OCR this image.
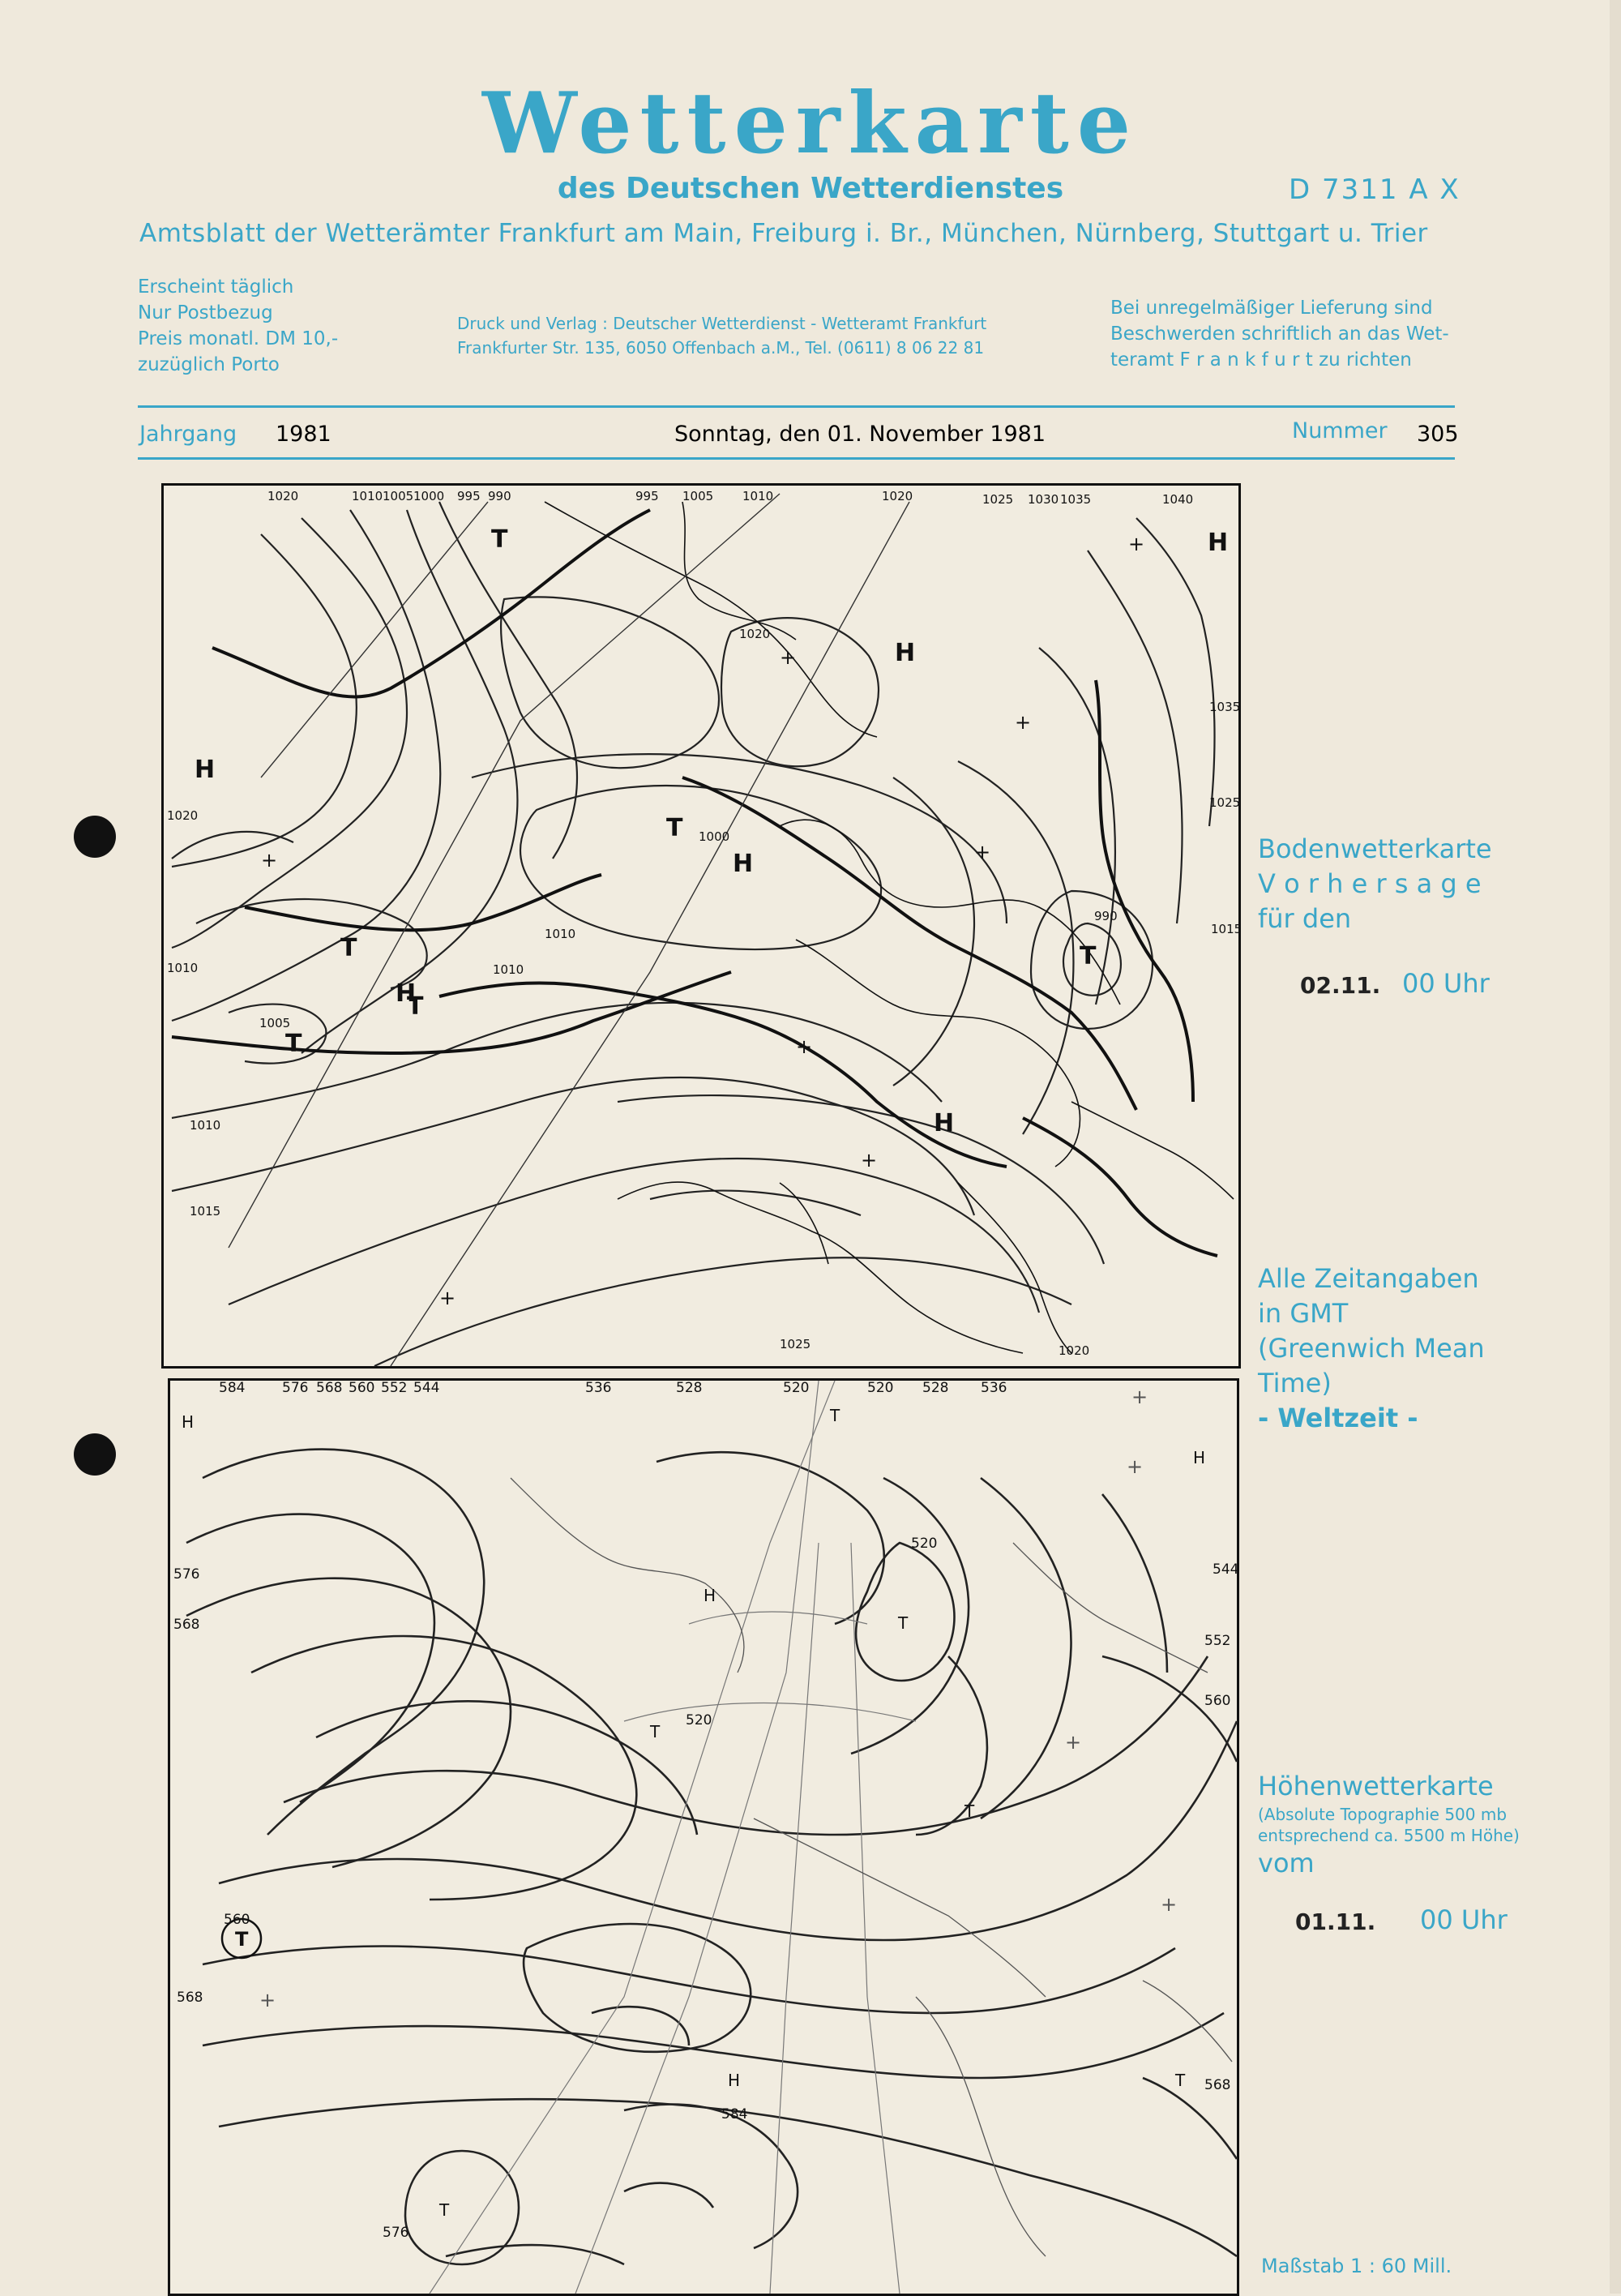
Wetterkarte
des Deutschen Wetterdienstes	D 7311 A X
Amtsblatt der Wetterämter Frankfurt am Main, Freiburg i. Br., München, Nürnberg, Stuttgart u. Trier
Erscheint täglich
Nur Postbezug
Preis monatl. DM 10,-
zuzüglich Porto
Druck und Verlag : Deutscher Wetterdienst - Wetteramt Frankfurt
Frankfurter Str. 135, 6050 Offenbach a.M., Tel. (0611) 8 06 22 81
Bei unregelmäßiger Lieferung sind
Beschwerden schriftlich an das Wet-
teramt F r a n k f u r t zu richten
Jahrgang 1981	Sonntag, den 01. November 1981	Nummer 305
H
H
H
H
H
H
T
T
T
T
T
T
1020	1010 1005 1000 995 990	995 1005 1010	1020	1025 1030 1035	1040
1035
1025
1015
1020
1010
1005
1010
1015
1025	1020
1020
1000
1010
1010
990
+
+
+
+
+
+
+
+
584	576 568 560 552 544	536	528	520	520 528 536
544
552
560
568
576
568
560
520
520
584
576
568
H
H
H
H
T
T
T
T
T
T
T
+
+
+
+
+
Bodenwetterkarte
V o r h e r s a g e
für den
02.11. 00 Uhr
Alle Zeitangaben
in GMT
(Greenwich Mean
Time)
- Weltzeit -
Höhenwetterkarte
(Absolute Topographie 500 mb
entsprechend ca. 5500 m Höhe)
vom
01.11. 00 Uhr
Maßstab 1 : 60 Mill.
